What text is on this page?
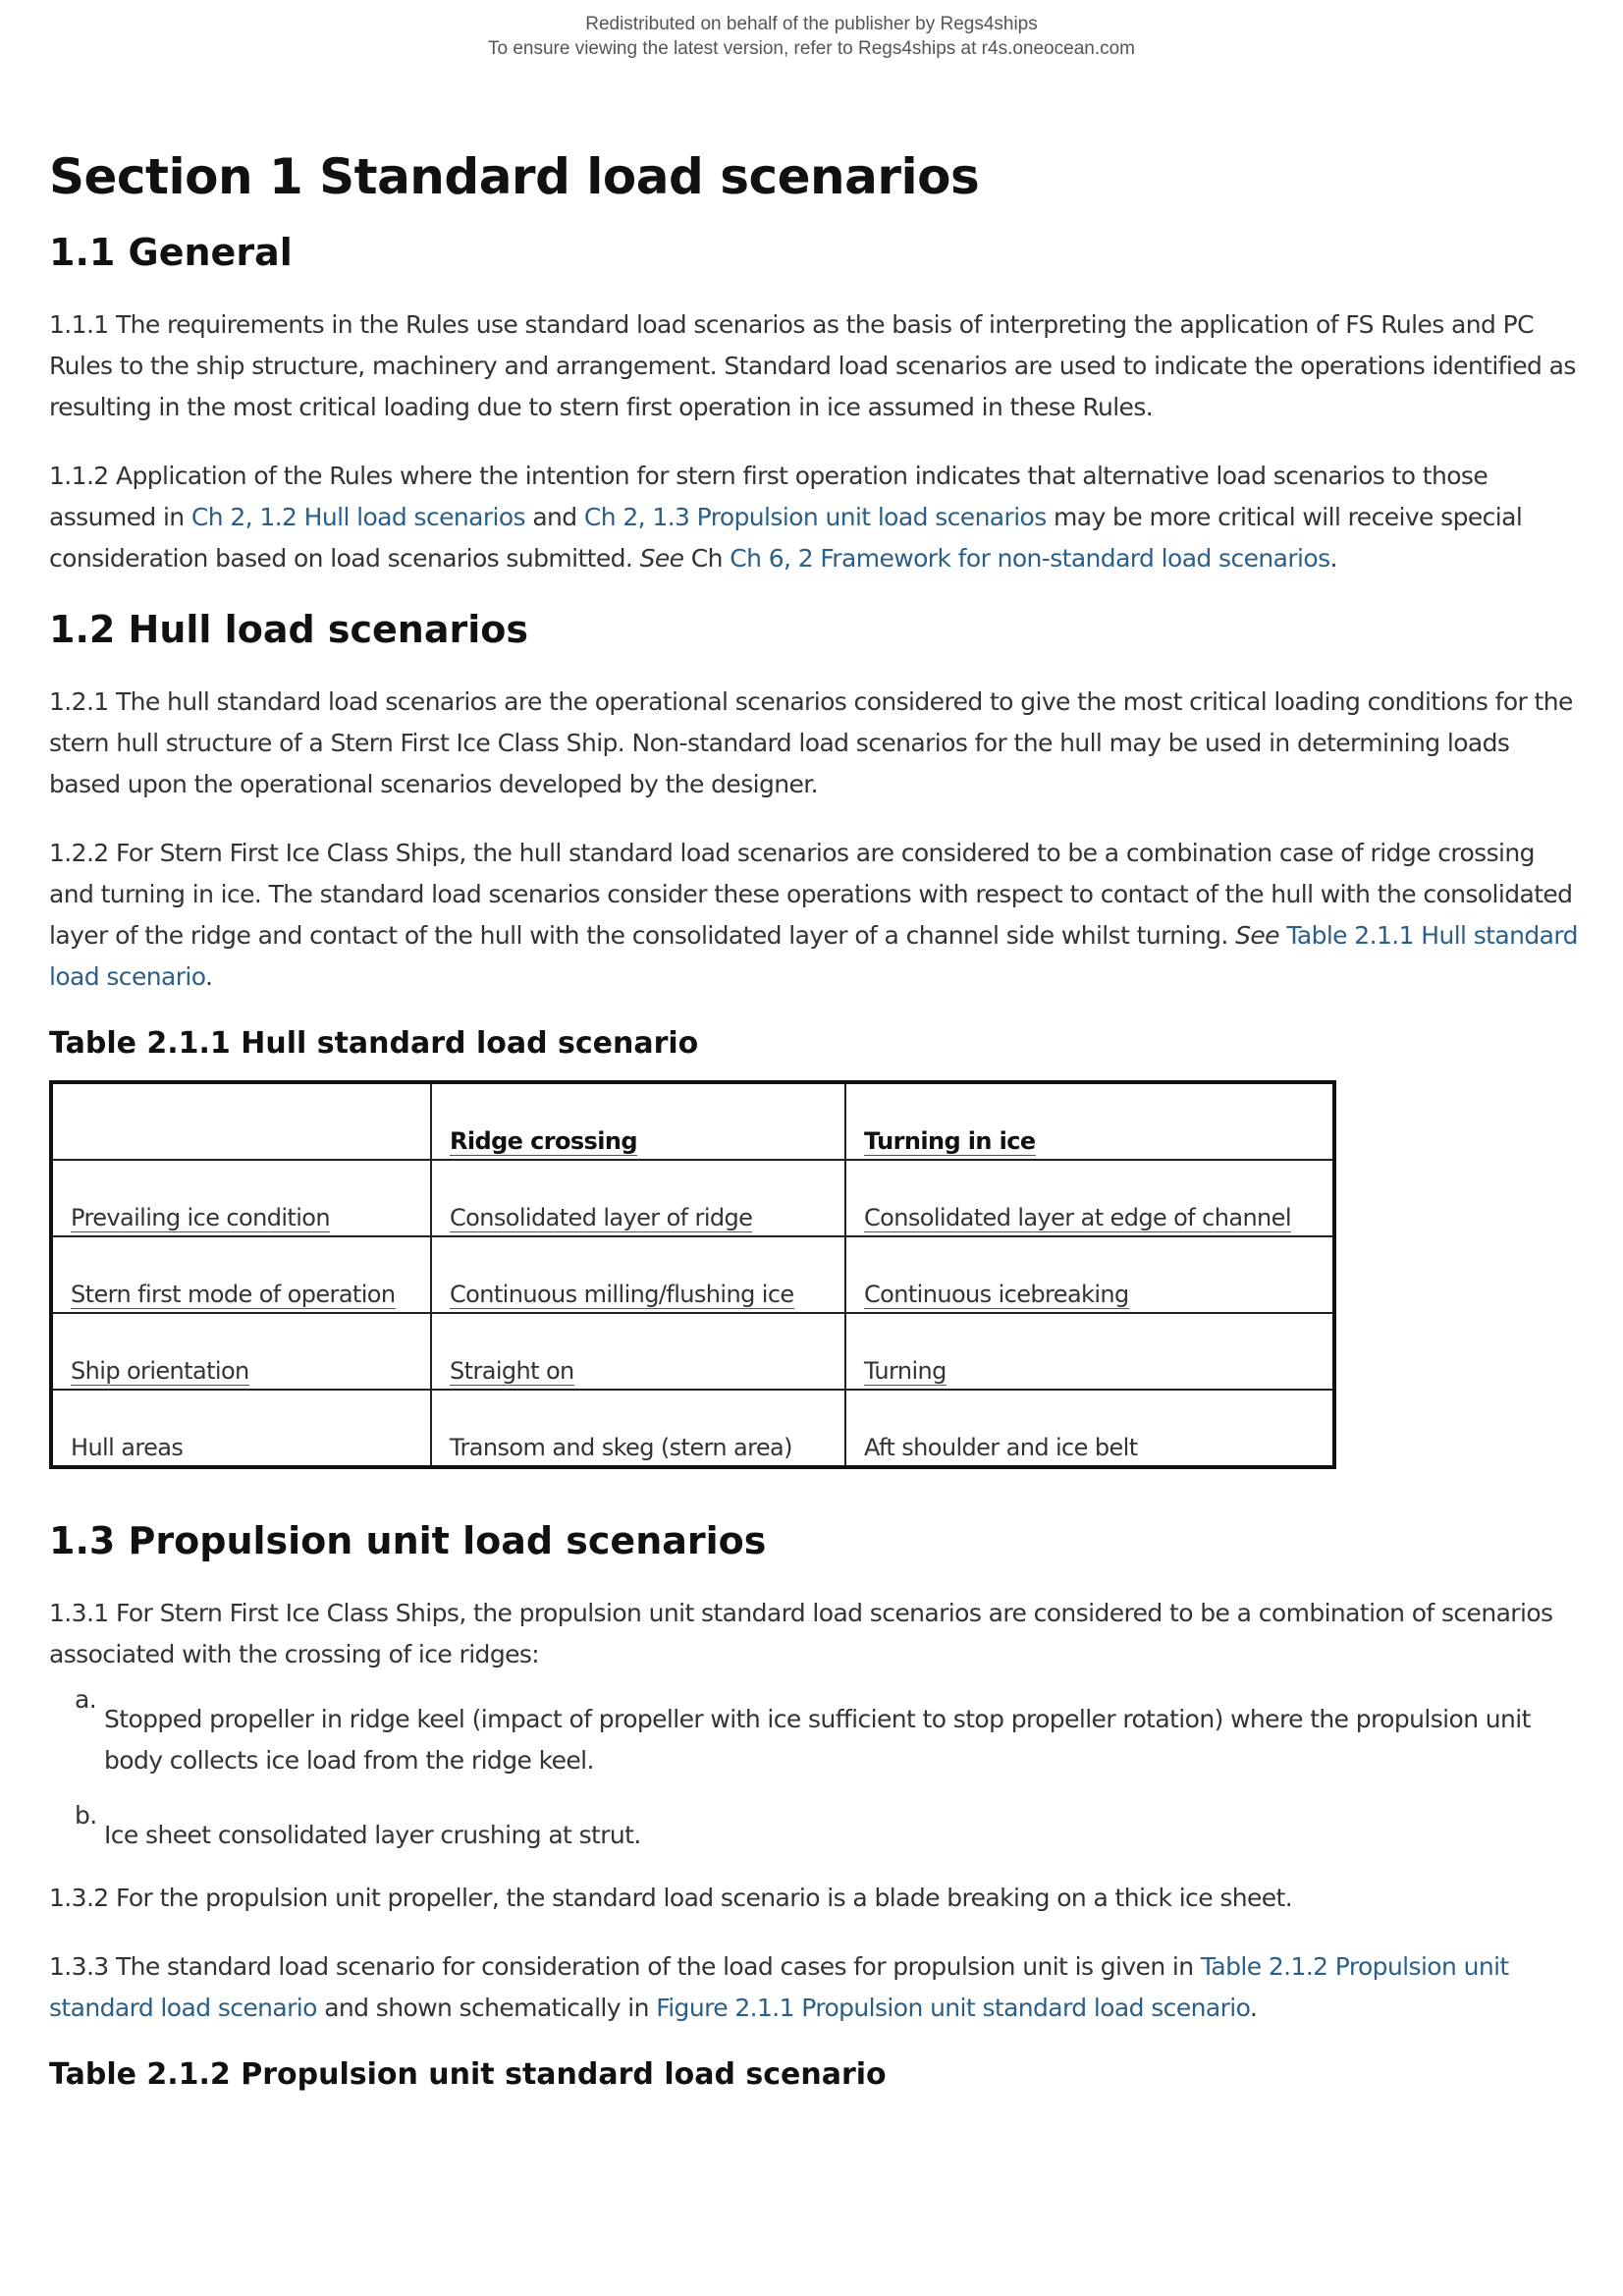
Redistributed on behalf of the publisher by Regs4ships
To ensure viewing the latest version, refer to Regs4ships at r4s.oneocean.com
Section 1 Standard load scenarios
1.1 General

1.1.1 The requirements in the Rules use standard load scenarios as the basis of interpreting the application of FS Rules and PC Rules to the ship structure, machinery and arrangement. Standard load scenarios are used to indicate the operations identified as resulting in the most critical loading due to stern first operation in ice assumed in these Rules.

1.1.2 Application of the Rules where the intention for stern first operation indicates that alternative load scenarios to those assumed in Ch 2, 1.2 Hull load scenarios and Ch 2, 1.3 Propulsion unit load scenarios may be more critical will receive special consideration based on load scenarios submitted. See Ch Ch 6, 2 Framework for non-standard load scenarios.

1.2 Hull load scenarios

1.2.1 The hull standard load scenarios are the operational scenarios considered to give the most critical loading conditions for the stern hull structure of a Stern First Ice Class Ship. Non-standard load scenarios for the hull may be used in determining loads based upon the operational scenarios developed by the designer.

1.2.2 For Stern First Ice Class Ships, the hull standard load scenarios are considered to be a combination case of ridge crossing and turning in ice. The standard load scenarios consider these operations with respect to contact of the hull with the consolidated layer of the ridge and contact of the hull with the consolidated layer of a channel side whilst turning. See Table 2.1.1 Hull standard load scenario.

Table 2.1.1 Hull standard load scenario
	Ridge crossing	Turning in ice
Prevailing ice condition	Consolidated layer of ridge	Consolidated layer at edge of channel
Stern first mode of operation	Continuous milling/flushing ice	Continuous icebreaking
Ship orientation	Straight on	Turning
Hull areas	Transom and skeg (stern area)	Aft shoulder and ice belt
1.3 Propulsion unit load scenarios

1.3.1 For Stern First Ice Class Ships, the propulsion unit standard load scenarios are considered to be a combination of scenarios associated with the crossing of ice ridges:

a.
Stopped propeller in ridge keel (impact of propeller with ice sufficient to stop propeller rotation) where the propulsion unit body collects ice load from the ridge keel.
b.
Ice sheet consolidated layer crushing at strut.

1.3.2 For the propulsion unit propeller, the standard load scenario is a blade breaking on a thick ice sheet.

1.3.3 The standard load scenario for consideration of the load cases for propulsion unit is given in Table 2.1.2 Propulsion unit standard load scenario and shown schematically in Figure 2.1.1 Propulsion unit standard load scenario.

Table 2.1.2 Propulsion unit standard load scenario
